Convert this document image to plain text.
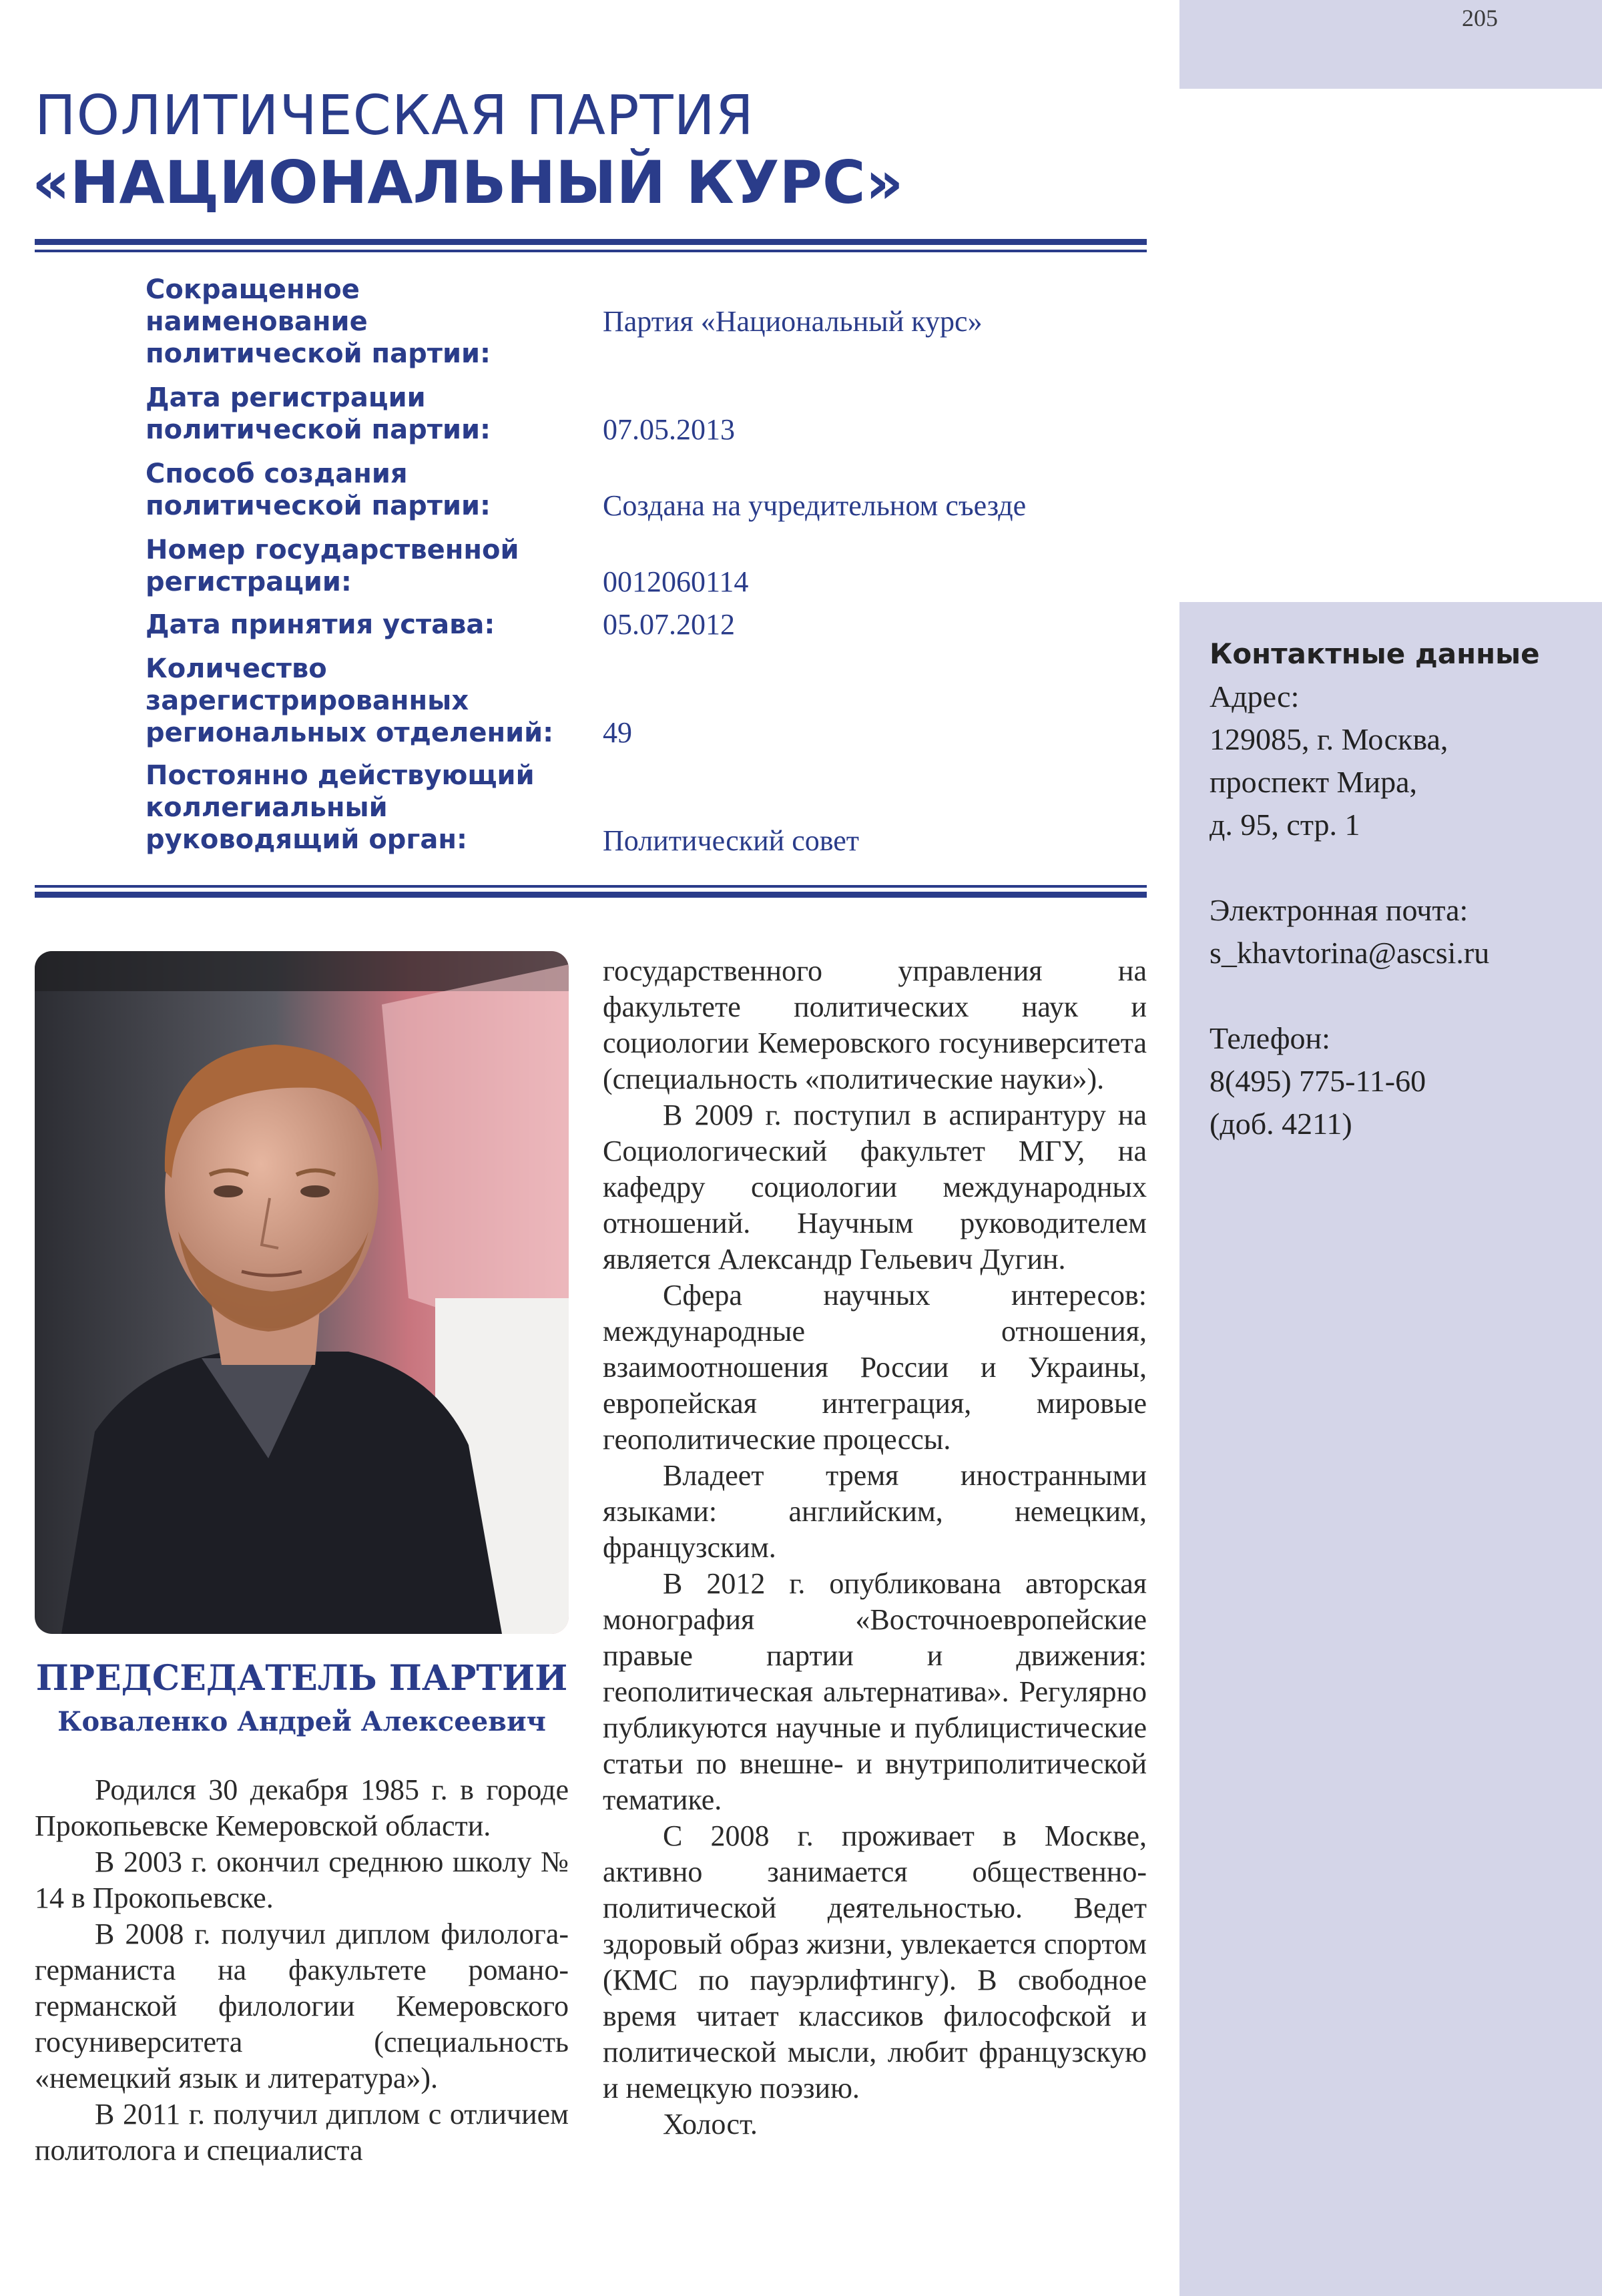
205
Контактные данные
Адрес:
129085, г. Москва,
проспект Мира,
д. 95, стр. 1
Электронная почта:
s_khavtorina@ascsi.ru
Телефон:
8(495) 775-11-60
(доб. 4211)
ПОЛИТИЧЕСКАЯ ПАРТИЯ
«НАЦИОНАЛЬНЫЙ КУРС»
Сокращенное наименование политической партии:
Партия «Национальный курс»
Дата регистрации политической партии:	07.05.2013
Способ создания политической партии:	Создана на учредительном съезде
Номер государственной регистрации:	0012060114
Дата принятия устава:	05.07.2012
Количество зарегистрированных региональных отделений:	49
Постоянно действующий коллегиальный руководящий орган:	Политический совет
ПРЕДСЕДАТЕЛЬ ПАРТИИ
Коваленко Андрей Алексеевич

Родился 30 декабря 1985 г. в городе Прокопьевске Кемеровской области.

В 2003 г. окончил среднюю школу № 14 в Прокопьевске.

В 2008 г. получил диплом филолога-германиста на факультете романо-германской филологии Кемеровского госуниверситета (специальность «немецкий язык и литература»).

В 2011 г. получил диплом с отличием политолога и специалиста

государственного управления на факультете политических наук и социологии Кемеровского госуниверситета (специальность «политические науки»).

В 2009 г. поступил в аспирантуру на Социологический факультет МГУ, на кафедру социологии международных отношений. Научным руководителем является Александр Гельевич Дугин.

Сфера научных интересов: международные отношения, взаимоотношения России и Украины, европейская интеграция, мировые геополитические процессы.

Владеет тремя иностранными языками: английским, немецким, французским.

В 2012 г. опубликована авторская монография «Восточноевропейские правые партии и движения: геополитическая альтернатива». Регулярно публикуются научные и публицистические статьи по внешне- и внутриполитической тематике.

С 2008 г. проживает в Москве, активно занимается общественно-политической деятельностью. Ведет здоровый образ жизни, увлекается спортом (КМС по пауэрлифтингу). В свободное время читает классиков философской и политической мысли, любит французскую и немецкую поэзию.

Холост.
